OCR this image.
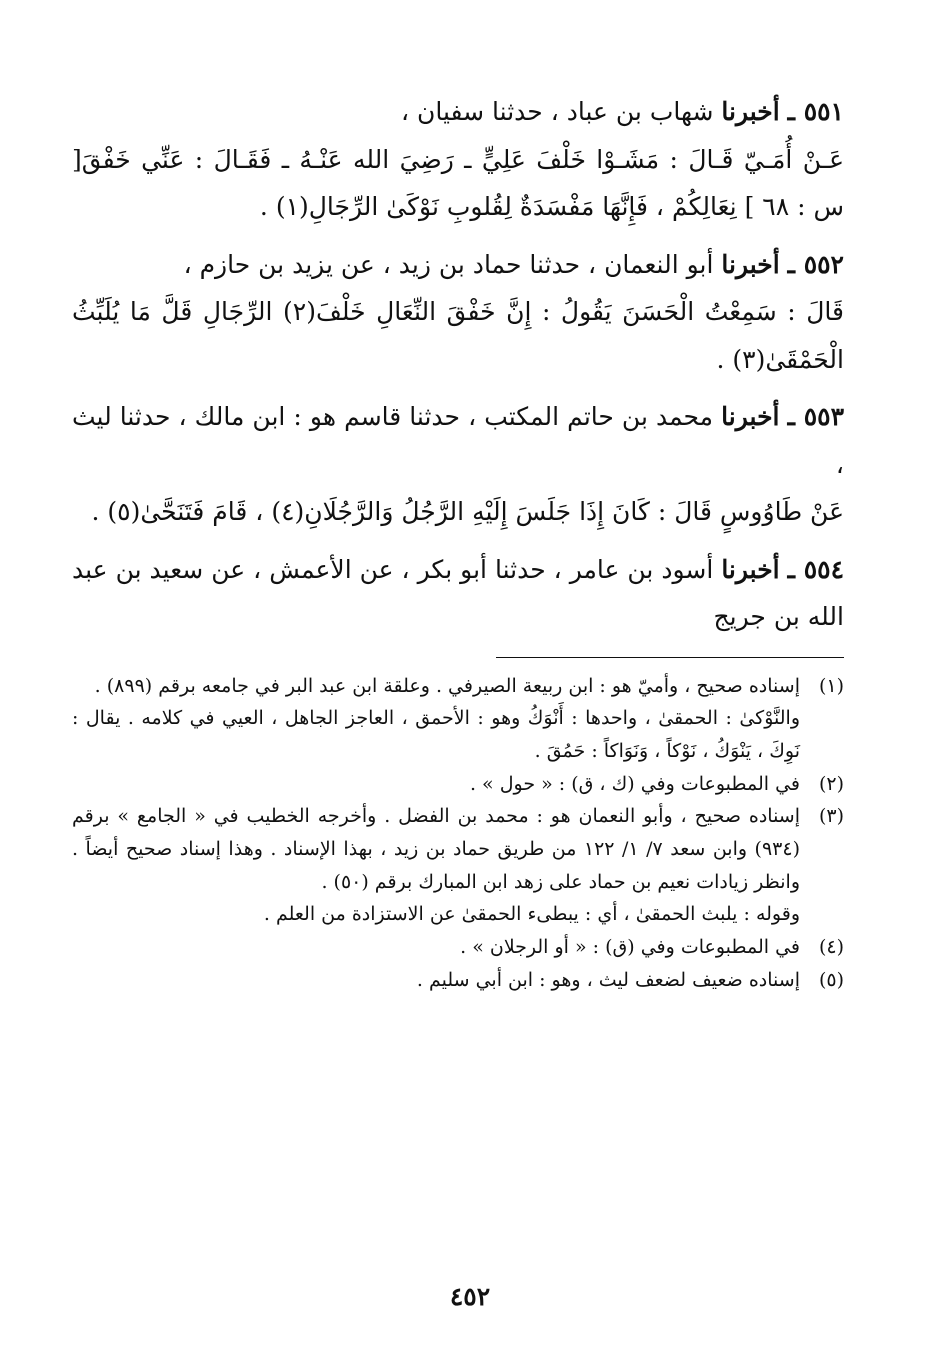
٥٥١ ـ أخبرنا شهاب بن عباد ، حدثنا سفيان ،

عَـنْ أُمَـيّ قَـالَ : مَشَـوْا خَلْفَ عَلِيٍّ ـ رَضِيَ الله عَنْـهُ ـ فَقَـالَ : عَنِّي خَفْقَ[ س : ٦٨ ] نِعَالِكُمْ ، فَإِنَّهَا مَفْسَدَةٌ لِقُلوبِ نَوْكَىٰ الرِّجَالِ(١) .

٥٥٢ ـ أخبرنا أبو النعمان ، حدثنا حماد بن زيد ، عن يزيد بن حازم ،

قَالَ : سَمِعْتُ الْحَسَنَ يَقُولُ : إِنَّ خَفْقَ النِّعَالِ خَلْفَ(٢) الرِّجَالِ قَلَّ مَا يُلَبِّثُ الْحَمْقَىٰ(٣) .

٥٥٣ ـ أخبرنا محمد بن حاتم المكتب ، حدثنا قاسم هو : ابن مالك ، حدثنا ليث ،

عَنْ طَاوُوسٍ قَالَ : كَانَ إِذَا جَلَسَ إِلَيْهِ الرَّجُلُ وَالرَّجُلَانِ(٤) ، قَامَ فَتَنَحَّىٰ(٥) .

٥٥٤ ـ أخبرنا أسود بن عامر ، حدثنا أبو بكر ، عن الأعمش ، عن سعيد بن عبد الله بن جريج

(١)
إسناده صحيح ، وأميّ هو : ابن ربيعة الصيرفي . وعلقة ابن عبد البر في جامعه برقم (٨٩٩) .
والنَّوْكىٰ : الحمقىٰ ، واحدها : أَنْوَكُ وهو : الأحمق ، العاجز الجاهل ، العيي في كلامه . يقال : نَوِكَ ، يَنْوَكُ ، نَوْكاً ، وَنَوَاكاً : حَمُقَ .
(٢)
في المطبوعات وفي (ك ، ق) : « حول » .
(٣)
إسناده صحيح ، وأبو النعمان هو : محمد بن الفضل . وأخرجه الخطيب في « الجامع » برقم (٩٣٤) وابن سعد ٧/ ١/ ١٢٢ من طريق حماد بن زيد ، بهذا الإسناد . وهذا إسناد صحيح أيضاً . وانظر زيادات نعيم بن حماد على زهد ابن المبارك برقم (٥٠) .
وقوله : يلبث الحمقىٰ ، أي : يبطىء الحمقىٰ عن الاستزادة من العلم .
(٤)
في المطبوعات وفي (ق) : « أو الرجلان » .
(٥)
إسناده ضعيف لضعف ليث ، وهو : ابن أبي سليم .
٤٥٢
